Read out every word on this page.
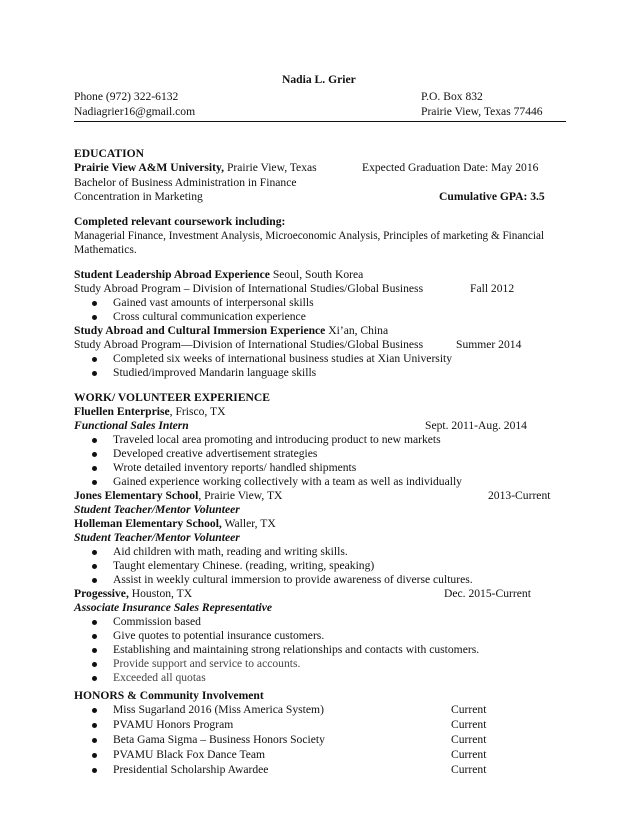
Nadia L. Grier
Phone (972) 322-6132	P.O. Box 832
Nadiagrier16@gmail.com	Prairie View, Texas 77446
EDUCATION
Prairie View A&M University, Prairie View, Texas	Expected Graduation Date: May 2016
Bachelor of Business Administration in Finance
Concentration in Marketing	Cumulative GPA: 3.5
Completed relevant coursework including:
Managerial Finance, Investment Analysis, Microeconomic Analysis, Principles of marketing & Financial
Mathematics.
Student Leadership Abroad Experience Seoul, South Korea
Study Abroad Program – Division of International Studies/Global Business	Fall 2012
Gained vast amounts of interpersonal skills
Cross cultural communication experience
Study Abroad and Cultural Immersion Experience Xi’an, China
Study Abroad Program—Division of International Studies/Global Business	Summer 2014
Completed six weeks of international business studies at Xian University
Studied/improved Mandarin language skills
WORK/ VOLUNTEER EXPERIENCE
Fluellen Enterprise, Frisco, TX
Functional Sales Intern	Sept. 2011-Aug. 2014
Traveled local area promoting and introducing product to new markets
Developed creative advertisement strategies
Wrote detailed inventory reports/ handled shipments
Gained experience working collectively with a team as well as individually
Jones Elementary School, Prairie View, TX	2013-Current
Student Teacher/Mentor Volunteer
Holleman Elementary School, Waller, TX
Student Teacher/Mentor Volunteer
Aid children with math, reading and writing skills.
Taught elementary Chinese. (reading, writing, speaking)
Assist in weekly cultural immersion to provide awareness of diverse cultures.
Progessive, Houston, TX	Dec. 2015-Current
Associate Insurance Sales Representative
Commission based
Give quotes to potential insurance customers.
Establishing and maintaining strong relationships and contacts with customers.
Provide support and service to accounts.
Exceeded all quotas
HONORS & Community Involvement
Miss Sugarland 2016 (Miss America System)	Current
PVAMU Honors Program	Current
Beta Gama Sigma – Business Honors Society	Current
PVAMU Black Fox Dance Team	Current
Presidential Scholarship Awardee	Current
